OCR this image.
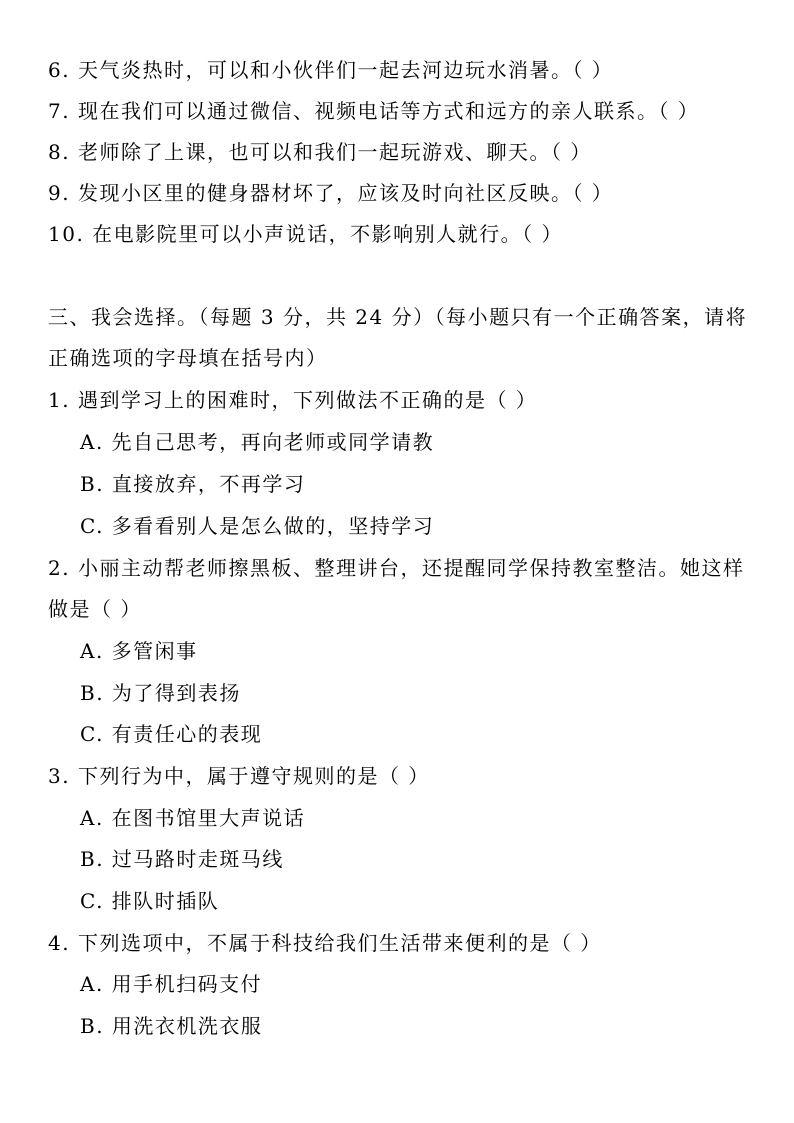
6. 天气炎热时，可以和小伙伴们一起去河边玩水消暑。（ ）
7. 现在我们可以通过微信、视频电话等方式和远方的亲人联系。（ ）
8. 老师除了上课，也可以和我们一起玩游戏、聊天。（ ）
9. 发现小区里的健身器材坏了，应该及时向社区反映。（ ）
10. 在电影院里可以小声说话，不影响别人就行。（ ）
三、我会选择。（每题 3 分，共 24 分）（每小题只有一个正确答案，请将
正确选项的字母填在括号内）
1. 遇到学习上的困难时，下列做法不正确的是（ ）
A. 先自己思考，再向老师或同学请教
B. 直接放弃，不再学习
C. 多看看别人是怎么做的，坚持学习
2. 小丽主动帮老师擦黑板、整理讲台，还提醒同学保持教室整洁。她这样
做是（ ）
A. 多管闲事
B. 为了得到表扬
C. 有责任心的表现
3. 下列行为中，属于遵守规则的是（ ）
A. 在图书馆里大声说话
B. 过马路时走斑马线
C. 排队时插队
4. 下列选项中，不属于科技给我们生活带来便利的是（ ）
A. 用手机扫码支付
B. 用洗衣机洗衣服
